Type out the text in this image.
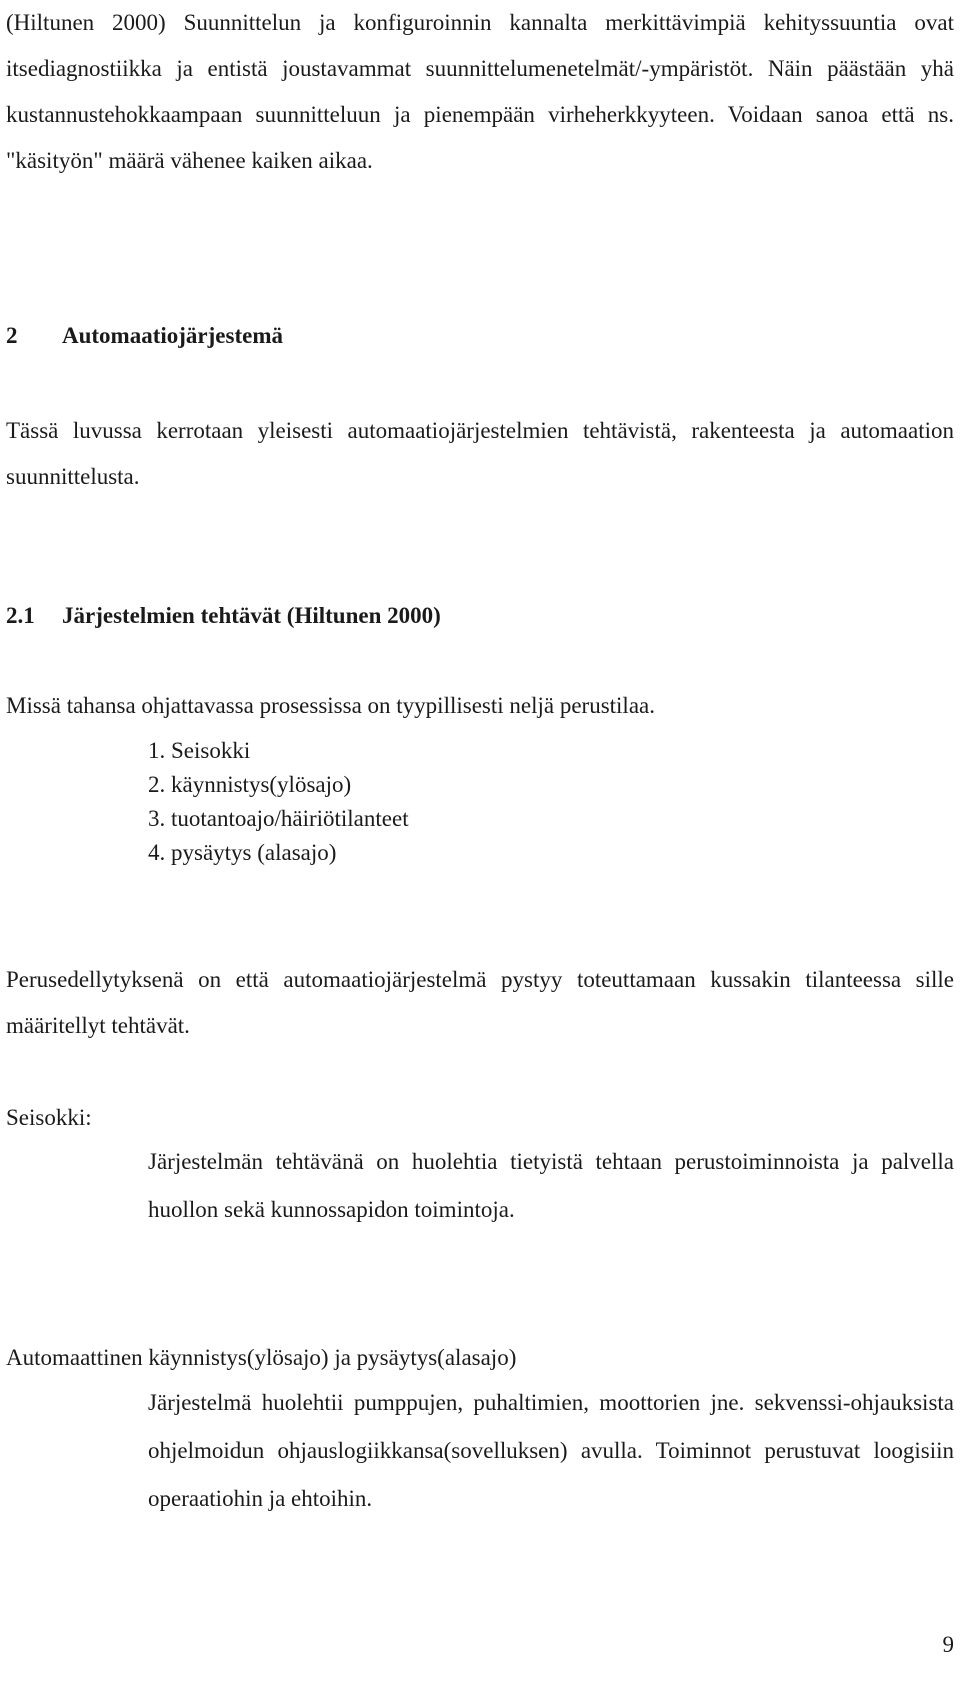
(Hiltunen 2000) Suunnittelun ja konfiguroinnin kannalta merkittävimpiä kehityssuuntia ovat itsediagnostiikka ja entistä joustavammat suunnittelumenetelmät/-ympäristöt. Näin päästään yhä kustannustehokkaampaan suunnitteluun ja pienempään virheherkkyyteen. Voidaan sanoa että ns. "käsityön" määrä vähenee kaiken aikaa.

2 Automaatiojärjestemä

Tässä luvussa kerrotaan yleisesti automaatiojärjestelmien tehtävistä, rakenteesta ja automaation suunnittelusta.

2.1 Järjestelmien tehtävät (Hiltunen 2000)

Missä tahansa ohjattavassa prosessissa on tyypillisesti neljä perustilaa.

1. Seisokki
2. käynnistys(ylösajo)
3. tuotantoajo/häiriötilanteet
4. pysäytys (alasajo)

Perusedellytyksenä on että automaatiojärjestelmä pystyy toteuttamaan kussakin tilanteessa sille määritellyt tehtävät.

Seisokki:

Järjestelmän tehtävänä on huolehtia tietyistä tehtaan perustoiminnoista ja palvella huollon sekä kunnossapidon toimintoja.

Automaattinen käynnistys(ylösajo) ja pysäytys(alasajo)

Järjestelmä huolehtii pumppujen, puhaltimien, moottorien jne. sekvenssi-ohjauksista ohjelmoidun ohjauslogiikkansa(sovelluksen) avulla. Toiminnot perustuvat loogisiin operaatiohin ja ehtoihin.

9
